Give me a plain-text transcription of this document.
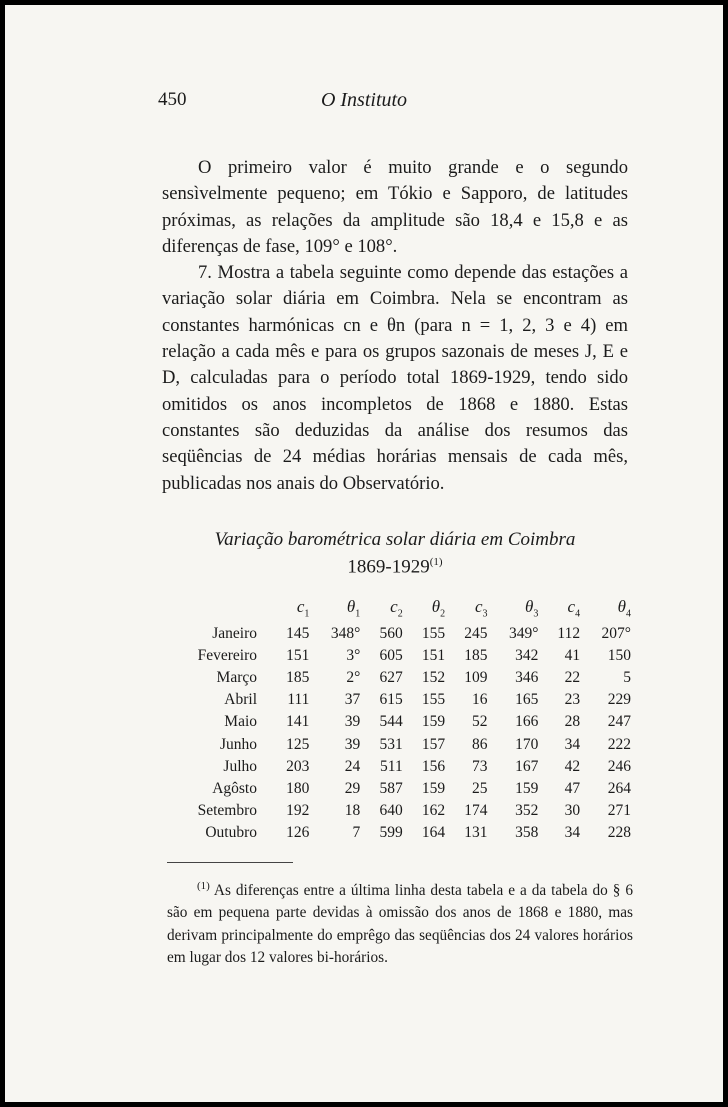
450	O Instituto

O primeiro valor é muito grande e o segundo sensìvelmente pequeno; em Tókio e Sapporo, de latitudes próximas, as relações da amplitude são 18,4 e 15,8 e as diferenças de fase, 109° e 108°.

7. Mostra a tabela seguinte como depende das estações a variação solar diária em Coimbra. Nela se encontram as constantes harmónicas cn e θn (para n = 1, 2, 3 e 4) em relação a cada mês e para os grupos sazonais de meses J, E e D, calculadas para o período total 1869-1929, tendo sido omitidos os anos incompletos de 1868 e 1880. Estas constantes são deduzidas da análise dos resumos das seqüências de 24 médias horárias mensais de cada mês, publicadas nos anais do Observatório.

Variação barométrica solar diária em Coimbra
1869-1929$^{(1)}$
	$c_1$	$\theta_1$	$c_2$	$\theta_2$	$c_3$	$\theta_3$	$c_4$	$\theta_4$
Janeiro	145	348°	560	155	245	349°	112	207°
Fevereiro	151	3°	605	151	185	342	41	150
Março	185	2°	627	152	109	346	22	5
Abril	111	37	615	155	16	165	23	229
Maio	141	39	544	159	52	166	28	247
Junho	125	39	531	157	86	170	34	222
Julho	203	24	511	156	73	167	42	246
Agôsto	180	29	587	159	25	159	47	264
Setembro	192	18	640	162	174	352	30	271
Outubro	126	7	599	164	131	358	34	228

$^{(1)}$ As diferenças entre a última linha desta tabela e a da tabela do § 6 são em pequena parte devidas à omissão dos anos de 1868 e 1880, mas derivam principalmente do emprêgo das seqüências dos 24 valores horários em lugar dos 12 valores bi-horários.
